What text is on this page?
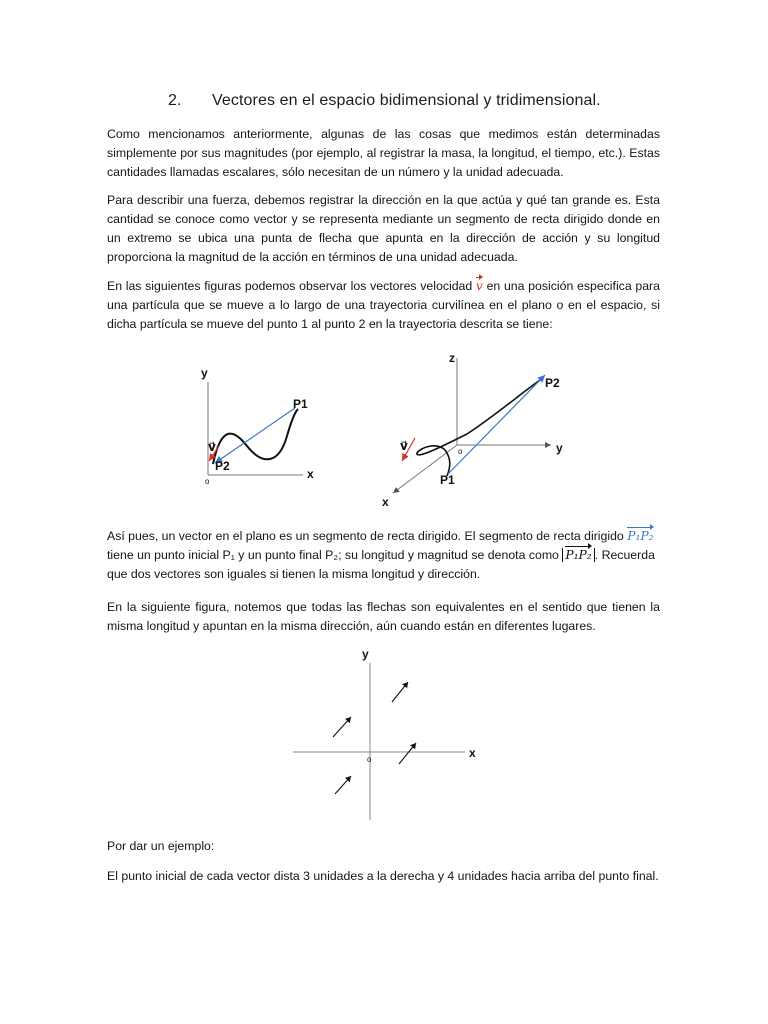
2. Vectores en el espacio bidimensional y tridimensional.
Como mencionamos anteriormente, algunas de las cosas que medimos están determinadas simplemente por sus magnitudes (por ejemplo, al registrar la masa, la longitud, el tiempo, etc.). Estas cantidades llamadas escalares, sólo necesitan de un número y la unidad adecuada.
Para describir una fuerza, debemos registrar la dirección en la que actúa y qué tan grande es. Esta cantidad se conoce como vector y se representa mediante un segmento de recta dirigido donde en un extremo se ubica una punta de flecha que apunta en la dirección de acción y su longitud proporciona la magnitud de la acción en términos de una unidad adecuada.
En las siguientes figuras podemos observar los vectores velocidad v en una posición especifica para una partícula que se mueve a lo largo de una trayectoria curvilínea en el plano o en el espacio, si dicha partícula se mueve del punto 1 al punto 2 en la trayectoria descrita se tiene:
y
x
o
P1
P2
v⃗
z
y
x
o
P2
P1
v⃗
Así pues, un vector en el plano es un segmento de recta dirigido. El segmento de recta dirigido P₁P₂ tiene un punto inicial P₁ y un punto final P₂; su longitud y magnitud se denota como P₁P₂ . Recuerda que dos vectores son iguales si tienen la misma longitud y dirección.
En la siguiente figura, notemos que todas las flechas son equivalentes en el sentido que tienen la misma longitud y apuntan en la misma dirección, aún cuando están en diferentes lugares.
y
x
o
Por dar un ejemplo:
El punto inicial de cada vector dista 3 unidades a la derecha y 4 unidades hacia arriba del punto final.
